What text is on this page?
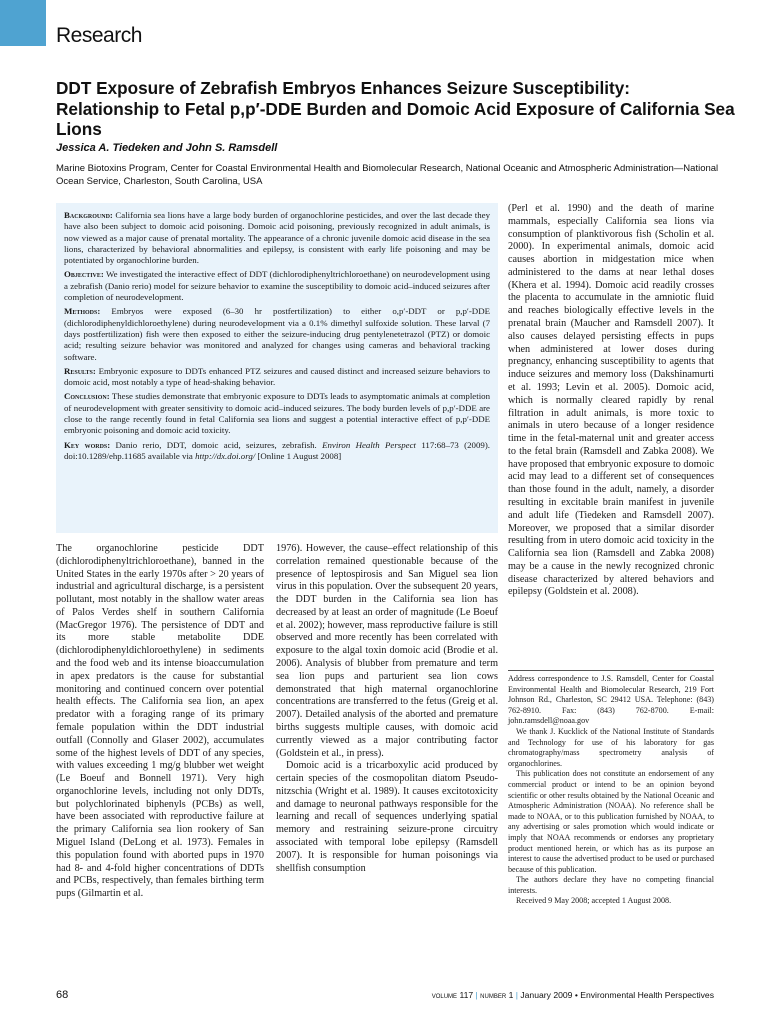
Research
DDT Exposure of Zebrafish Embryos Enhances Seizure Susceptibility: Relationship to Fetal p,p′-DDE Burden and Domoic Acid Exposure of California Sea Lions
Jessica A. Tiedeken and John S. Ramsdell
Marine Biotoxins Program, Center for Coastal Environmental Health and Biomolecular Research, National Oceanic and Atmospheric Administration—National Ocean Service, Charleston, South Carolina, USA

Background: California sea lions have a large body burden of organochlorine pesticides, and over the last decade they have also been subject to domoic acid poisoning. Domoic acid poisoning, previously recognized in adult animals, is now viewed as a major cause of prenatal mortality. The appearance of a chronic juvenile domoic acid disease in the sea lions, characterized by behavioral abnormalities and epilepsy, is consistent with early life poisoning and may be potentiated by organochlorine burden.

Objective: We investigated the interactive effect of DDT (dichlorodiphenyltrichloroethane) on neurodevelopment using a zebrafish (Danio rerio) model for seizure behavior to examine the susceptibility to domoic acid–induced seizures after completion of neurodevelopment.

Methods: Embryos were exposed (6–30 hr postfertilization) to either o,p′-DDT or p,p′-DDE (dichlorodiphenyldichloroethylene) during neurodevelopment via a 0.1% dimethyl sulfoxide solution. These larval (7 days postfertilization) fish were then exposed to either the seizure-inducing drug pentylenetetrazol (PTZ) or domoic acid; resulting seizure behavior was monitored and analyzed for changes using cameras and behavioral tracking software.

Results: Embryonic exposure to DDTs enhanced PTZ seizures and caused distinct and increased seizure behaviors to domoic acid, most notably a type of head-shaking behavior.

Conclusion: These studies demonstrate that embryonic exposure to DDTs leads to asymptomatic animals at completion of neurodevelopment with greater sensitivity to domoic acid–induced seizures. The body burden levels of p,p′-DDE are close to the range recently found in fetal California sea lions and suggest a potential interactive effect of p,p′-DDE embryonic poisoning and domoic acid toxicity.

Key words: Danio rerio, DDT, domoic acid, seizures, zebrafish. Environ Health Perspect 117:68–73 (2009). doi:10.1289/ehp.11685 available via http://dx.doi.org/ [Online 1 August 2008]

The organochlorine pesticide DDT (dichlorodiphenyltrichloroethane), banned in the United States in the early 1970s after > 20 years of industrial and agricultural discharge, is a persistent pollutant, most notably in the shallow water areas of Palos Verdes shelf in southern California (MacGregor 1976). The persistence of DDT and its more stable metabolite DDE (dichlorodiphenyldichloroethylene) in sediments and the food web and its intense bioaccumulation in apex predators is the cause for substantial monitoring and continued concern over potential health effects. The California sea lion, an apex predator with a foraging range of its primary female population within the DDT industrial outfall (Connolly and Glaser 2002), accumulates some of the highest levels of DDT of any species, with values exceeding 1 mg/g blubber wet weight (Le Boeuf and Bonnell 1971). Very high organochlorine levels, including not only DDTs, but polychlorinated biphenyls (PCBs) as well, have been associated with reproductive failure at the primary California sea lion rookery of San Miguel Island (DeLong et al. 1973). Females in this population found with aborted pups in 1970 had 8- and 4-fold higher concentrations of DDTs and PCBs, respectively, than females birthing term pups (Gilmartin et al.

1976). However, the cause–effect relationship of this correlation remained questionable because of the presence of leptospirosis and San Miguel sea lion virus in this population. Over the subsequent 20 years, the DDT burden in the California sea lion has decreased by at least an order of magnitude (Le Boeuf et al. 2002); however, mass reproductive failure is still observed and more recently has been correlated with exposure to the algal toxin domoic acid (Brodie et al. 2006). Analysis of blubber from premature and term sea lion pups and parturient sea lion cows demonstrated that high maternal organochlorine concentrations are transferred to the fetus (Greig et al. 2007). Detailed analysis of the aborted and premature births suggests multiple causes, with domoic acid currently viewed as a major contributing factor (Goldstein et al., in press).

Domoic acid is a tricarboxylic acid produced by certain species of the cosmopolitan diatom Pseudo-nitzschia (Wright et al. 1989). It causes excitotoxicity and damage to neuronal pathways responsible for the learning and recall of sequences underlying spatial memory and restraining seizure-prone circuitry associated with temporal lobe epilepsy (Ramsdell 2007). It is responsible for human poisonings via shellfish consumption

(Perl et al. 1990) and the death of marine mammals, especially California sea lions via consumption of planktivorous fish (Scholin et al. 2000). In experimental animals, domoic acid causes abortion in midgestation mice when administered to the dams at near lethal doses (Khera et al. 1994). Domoic acid readily crosses the placenta to accumulate in the amniotic fluid and reaches biologically effective levels in the prenatal brain (Maucher and Ramsdell 2007). It also causes delayed persisting effects in pups when administered at lower doses during pregnancy, enhancing susceptibility to agents that induce seizures and memory loss (Dakshinamurti et al. 1993; Levin et al. 2005). Domoic acid, which is normally cleared rapidly by renal filtration in adult animals, is more toxic to animals in utero because of a longer residence time in the fetal-maternal unit and greater access to the fetal brain (Ramsdell and Zabka 2008). We have proposed that embryonic exposure to domoic acid may lead to a different set of consequences than those found in the adult, namely, a disorder resulting in excitable brain manifest in juvenile and adult life (Tiedeken and Ramsdell 2007). Moreover, we proposed that a similar disorder resulting from in utero domoic acid toxicity in the California sea lion (Ramsdell and Zabka 2008) may be a cause in the newly recognized chronic disease characterized by altered behaviors and epilepsy (Goldstein et al. 2008).

Address correspondence to J.S. Ramsdell, Center for Coastal Environmental Health and Biomolecular Research, 219 Fort Johnson Rd., Charleston, SC 29412 USA. Telephone: (843) 762-8910. Fax: (843) 762-8700. E-mail: john.ramsdell@noaa.gov

We thank J. Kucklick of the National Institute of Standards and Technology for use of his laboratory for gas chromatography/mass spectrometry analysis of organochlorines.

This publication does not constitute an endorsement of any commercial product or intend to be an opinion beyond scientific or other results obtained by the National Oceanic and Atmospheric Administration (NOAA). No reference shall be made to NOAA, or to this publication furnished by NOAA, to any advertising or sales promotion which would indicate or imply that NOAA recommends or endorses any proprietary product mentioned herein, or which has as its purpose an interest to cause the advertised product to be used or purchased because of this publication.

The authors declare they have no competing financial interests.

Received 9 May 2008; accepted 1 August 2008.

68	volume 117 | number 1 | January 2009 • Environmental Health Perspectives
